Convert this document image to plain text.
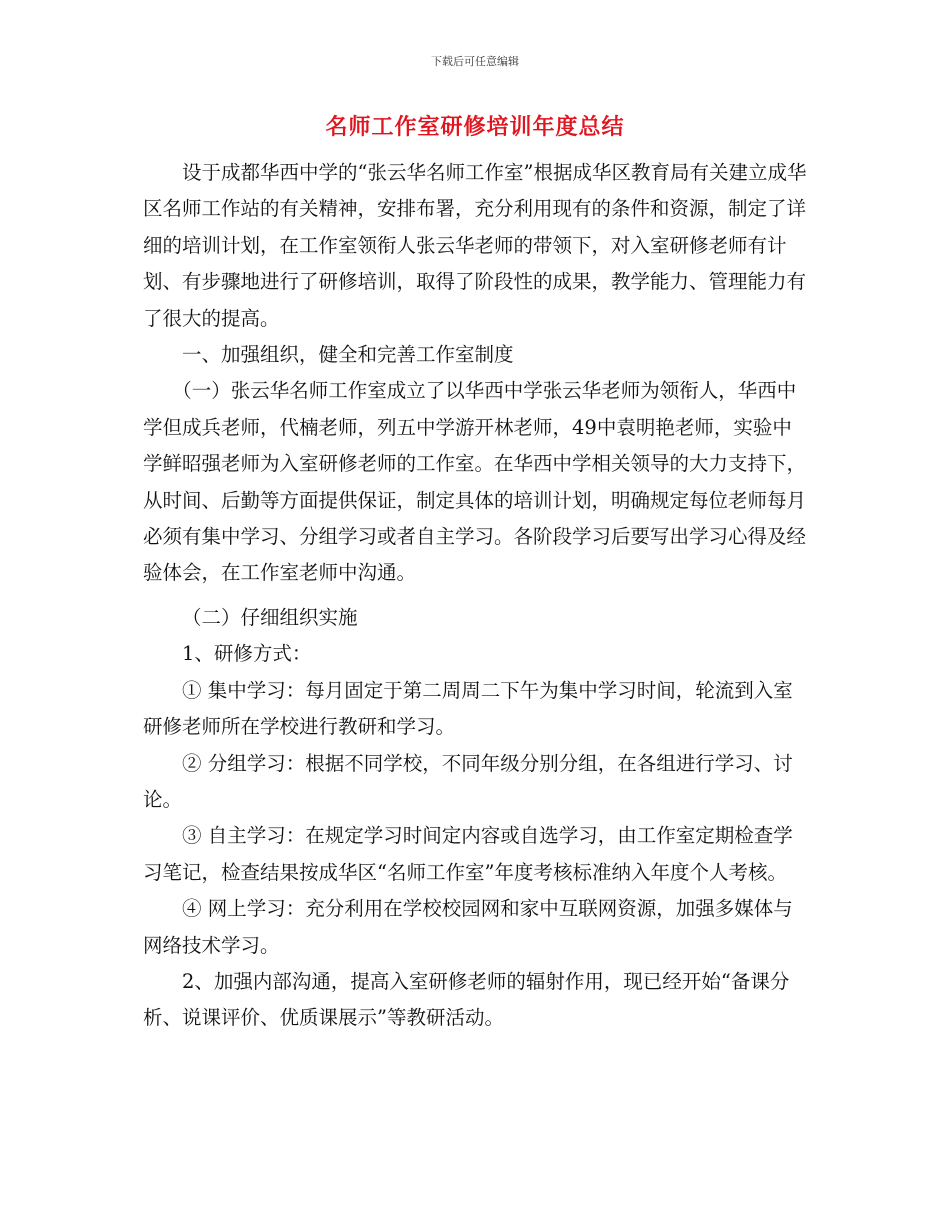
下载后可任意编辑
名师工作室研修培训年度总结

设于成都华西中学的“张云华名师工作室”根据成华区教育局有关建立成华区名师工作站的有关精神，安排布署，充分利用现有的条件和资源，制定了详细的培训计划，在工作室领衔人张云华老师的带领下，对入室研修老师有计划、有步骤地进行了研修培训，取得了阶段性的成果，教学能力、管理能力有了很大的提高。

一、加强组织，健全和完善工作室制度

（一）张云华名师工作室成立了以华西中学张云华老师为领衔人，华西中学但成兵老师，代楠老师，列五中学游开林老师，49中袁明艳老师，实验中学鲜昭强老师为入室研修老师的工作室。在华西中学相关领导的大力支持下，从时间、后勤等方面提供保证，制定具体的培训计划，明确规定每位老师每月必须有集中学习、分组学习或者自主学习。各阶段学习后要写出学习心得及经验体会，在工作室老师中沟通。

（二）仔细组织实施

1、研修方式：

① 集中学习：每月固定于第二周周二下午为集中学习时间，轮流到入室研修老师所在学校进行教研和学习。

② 分组学习：根据不同学校，不同年级分别分组，在各组进行学习、讨论。

③ 自主学习：在规定学习时间定内容或自选学习，由工作室定期检查学习笔记，检查结果按成华区“名师工作室”年度考核标准纳入年度个人考核。

④ 网上学习：充分利用在学校校园网和家中互联网资源，加强多媒体与网络技术学习。

2、加强内部沟通，提高入室研修老师的辐射作用，现已经开始“备课分析、说课评价、优质课展示”等教研活动。
